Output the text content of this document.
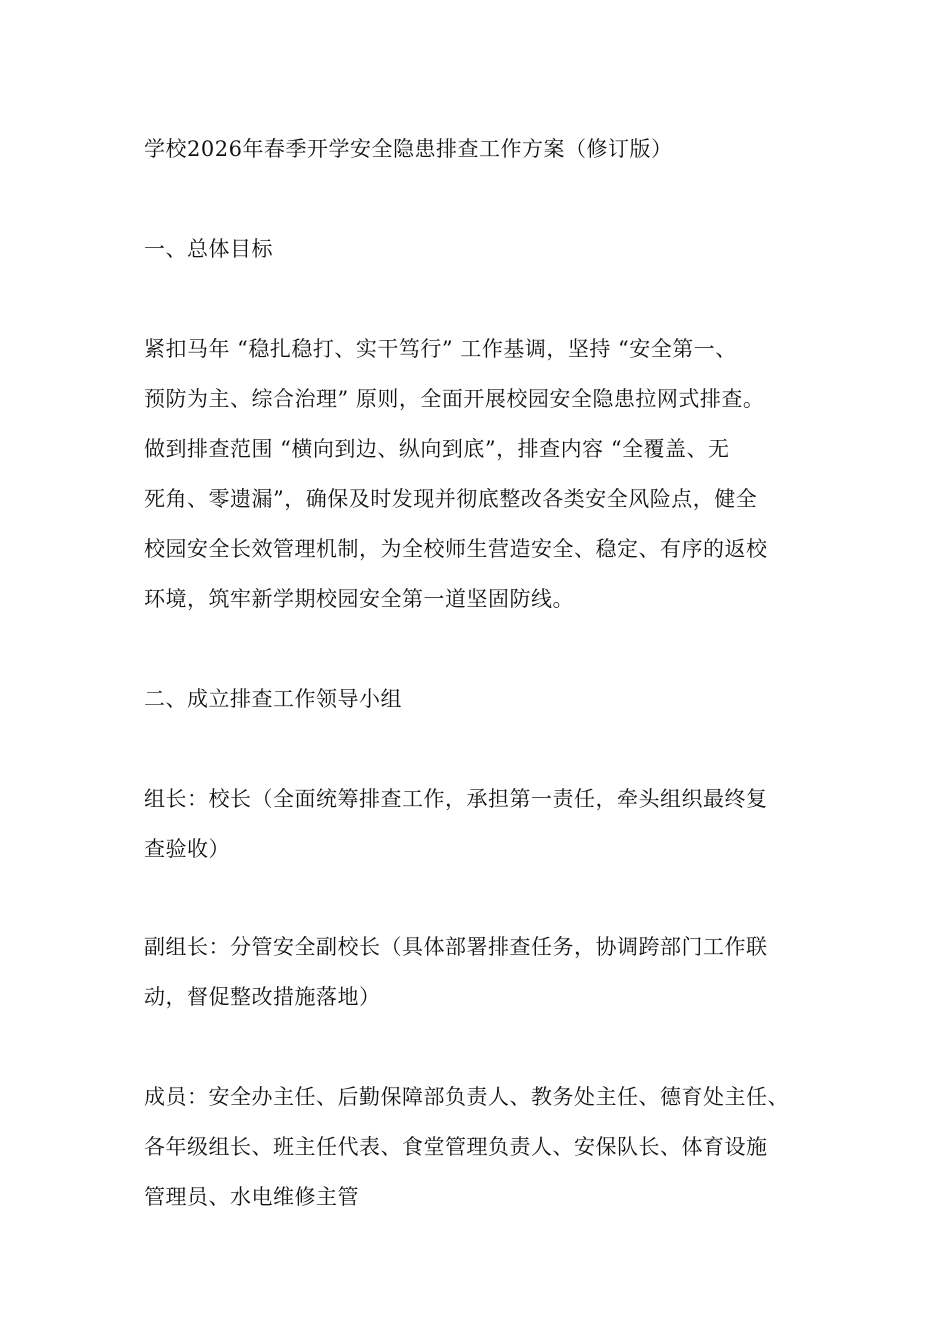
学校2026年春季开学安全隐患排查工作方案（修订版）
一、总体目标
紧扣马年 “稳扎稳打、实干笃行” 工作基调，坚持 “安全第一、
预防为主、综合治理” 原则，全面开展校园安全隐患拉网式排查。
做到排查范围 “横向到边、纵向到底”，排查内容 “全覆盖、无
死角、零遗漏”，确保及时发现并彻底整改各类安全风险点，健全
校园安全长效管理机制，为全校师生营造安全、稳定、有序的返校
环境，筑牢新学期校园安全第一道坚固防线。
二、成立排查工作领导小组
组长：校长（全面统筹排查工作，承担第一责任，牵头组织最终复
查验收）
副组长：分管安全副校长（具体部署排查任务，协调跨部门工作联
动，督促整改措施落地）
成员：安全办主任、后勤保障部负责人、教务处主任、德育处主任、
各年级组长、班主任代表、食堂管理负责人、安保队长、体育设施
管理员、水电维修主管
